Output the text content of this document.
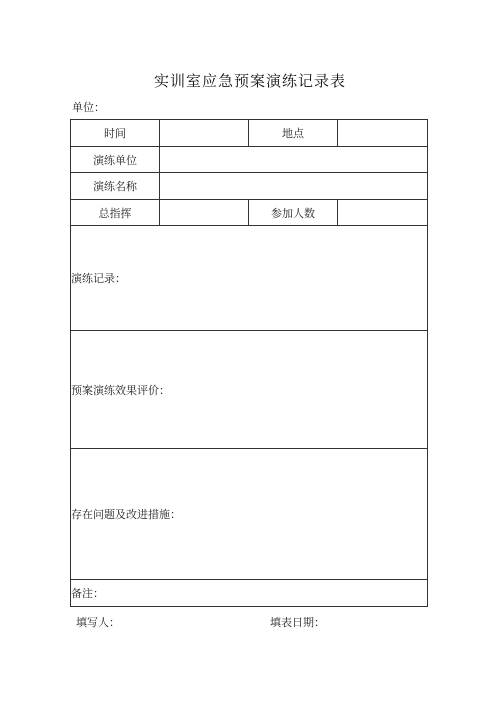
实训室应急预案演练记录表
单位：
时间		地点	
演练单位			
演练名称			
总指挥		参加人数	
演练记录：			
预案演练效果评价：			
存在问题及改进措施：			
备注：			
填写人：	填表日期：
